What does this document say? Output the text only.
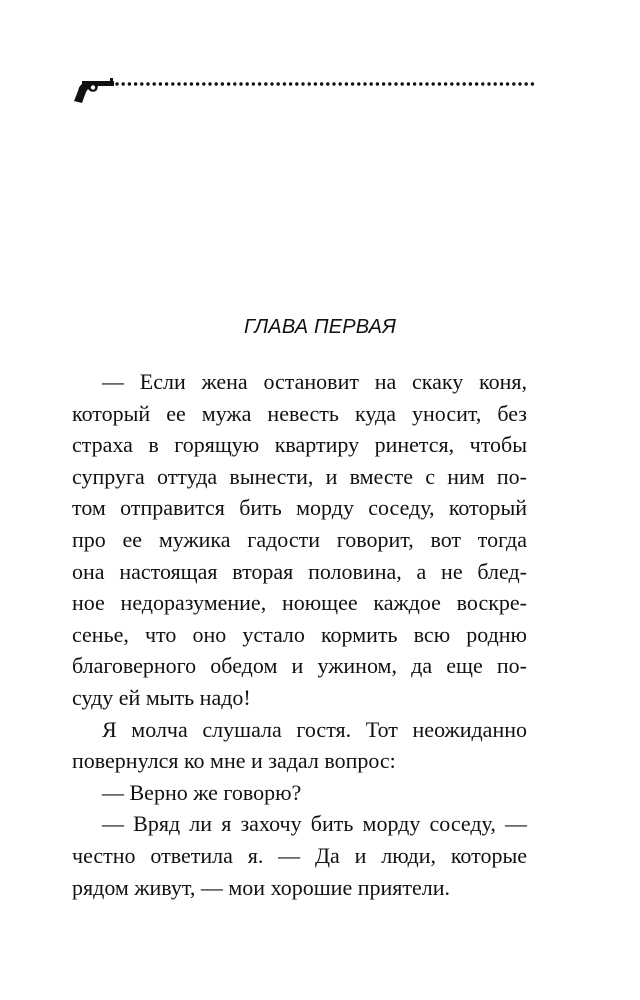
ГЛАВА ПЕРВАЯ
— Если жена остановит на скаку коня,
который ее мужа невесть куда уносит, без
страха в горящую квартиру ринется, чтобы
супруга оттуда вынести, и вместе с ним по-
том отправится бить морду соседу, который
про ее мужика гадости говорит, вот тогда
она настоящая вторая половина, а не блед-
ное недоразумение, ноющее каждое воскре-
сенье, что оно устало кормить всю родню
благоверного обедом и ужином, да еще по-
суду ей мыть надо!
Я молча слушала гостя. Тот неожиданно
повернулся ко мне и задал вопрос:
— Верно же говорю?
— Вряд ли я захочу бить морду соседу, —
честно ответила я. — Да и люди, которые
рядом живут, — мои хорошие приятели.
